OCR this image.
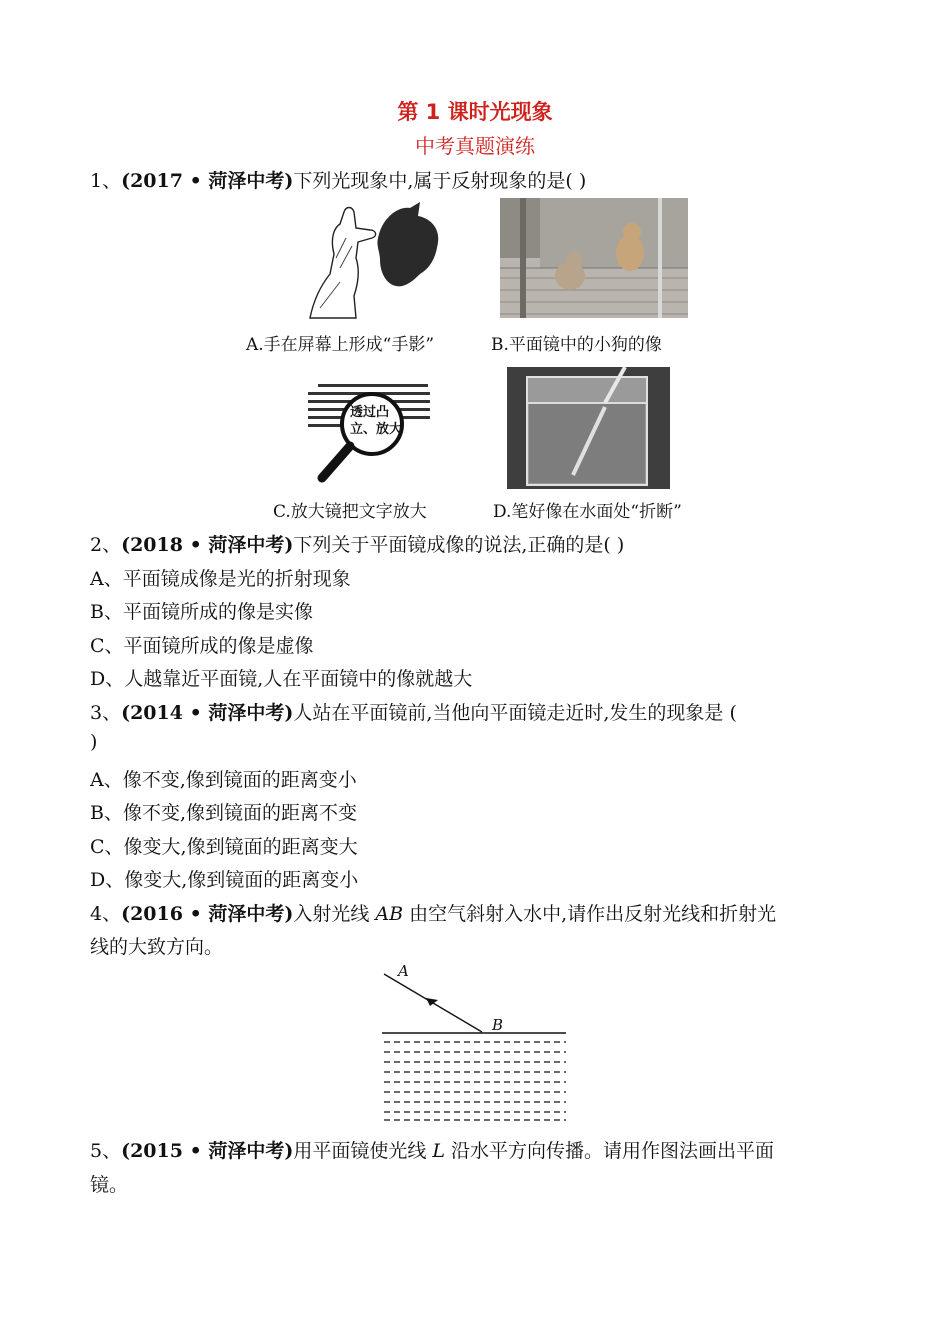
第 1 课时光现象
中考真题演练
1、(2017 • 菏泽中考)下列光现象中,属于反射现象的是( )
A.手在屏幕上形成“手影”	B.平面镜中的小狗的像
透过凸
立、放大
C.放大镜把文字放大	D.笔好像在水面处“折断”
2、(2018 • 菏泽中考)下列关于平面镜成像的说法,正确的是( )
A、平面镜成像是光的折射现象
B、平面镜所成的像是实像
C、平面镜所成的像是虚像
D、人越靠近平面镜,人在平面镜中的像就越大
3、(2014 • 菏泽中考)人站在平面镜前,当他向平面镜走近时,发生的现象是 (
)
A、像不变,像到镜面的距离变小
B、像不变,像到镜面的距离不变
C、像变大,像到镜面的距离变大
D、像变大,像到镜面的距离变小
4、(2016 • 菏泽中考)入射光线 AB 由空气斜射入水中,请作出反射光线和折射光
线的大致方向。
A
B
5、(2015 • 菏泽中考)用平面镜使光线 L 沿水平方向传播。请用作图法画出平面
镜。
